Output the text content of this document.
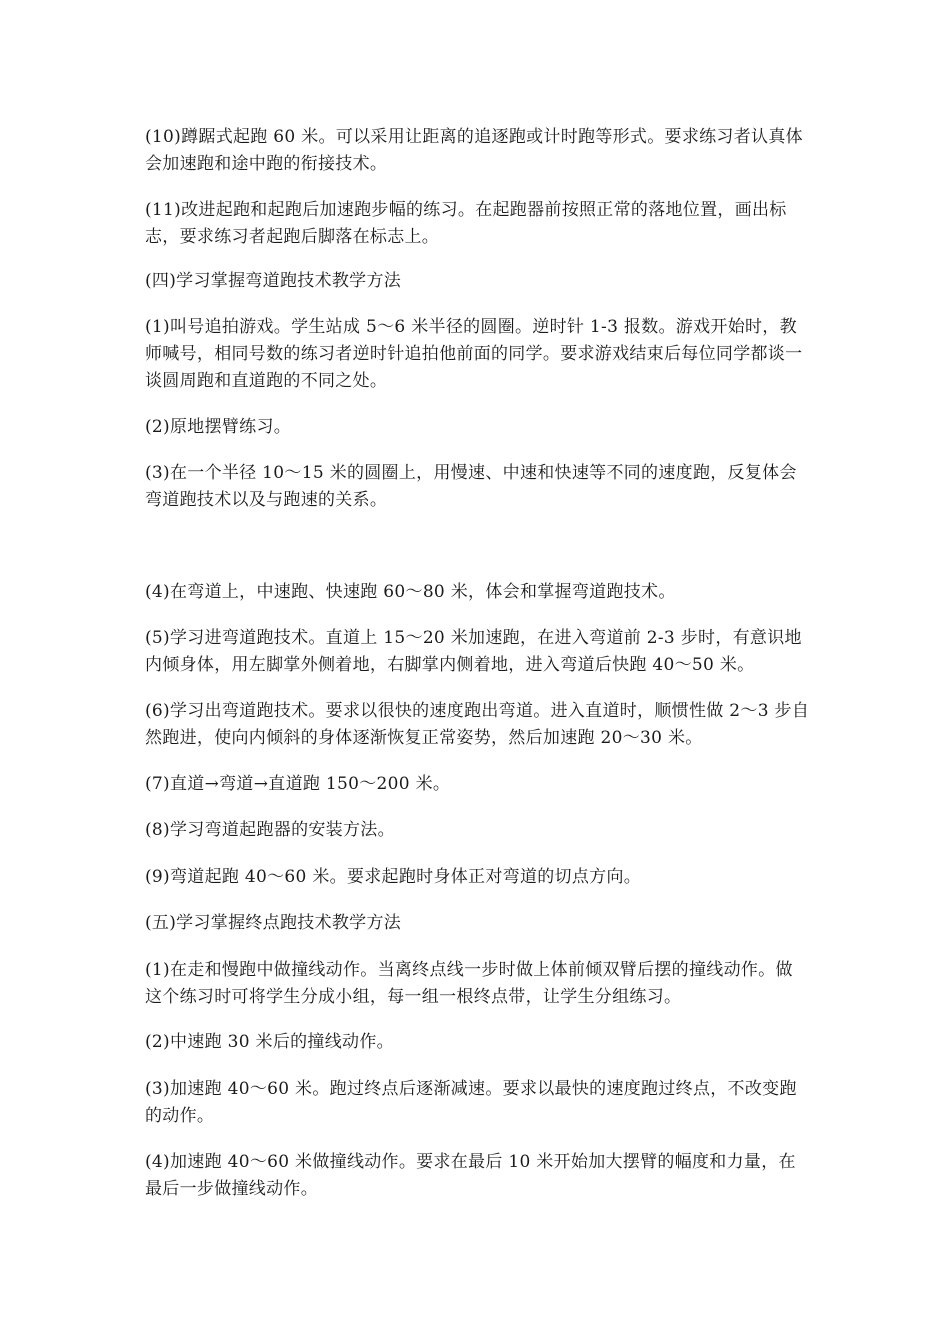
(10)蹲踞式起跑 60 米。可以采用让距离的追逐跑或计时跑等形式。要求练习者认真体会加速跑和途中跑的衔接技术。

(11)改进起跑和起跑后加速跑步幅的练习。在起跑器前按照正常的落地位置，画出标志，要求练习者起跑后脚落在标志上。

(四)学习掌握弯道跑技术教学方法

(1)叫号追拍游戏。学生站成 5～6 米半径的圆圈。逆时针 1-3 报数。游戏开始时，教师喊号，相同号数的练习者逆时针追拍他前面的同学。要求游戏结束后每位同学都谈一谈圆周跑和直道跑的不同之处。

(2)原地摆臂练习。

(3)在一个半径 10～15 米的圆圈上，用慢速、中速和快速等不同的速度跑，反复体会弯道跑技术以及与跑速的关系。

(4)在弯道上，中速跑、快速跑 60～80 米，体会和掌握弯道跑技术。

(5)学习进弯道跑技术。直道上 15～20 米加速跑，在进入弯道前 2-3 步时，有意识地内倾身体，用左脚掌外侧着地，右脚掌内侧着地，进入弯道后快跑 40～50 米。

(6)学习出弯道跑技术。要求以很快的速度跑出弯道。进入直道时，顺惯性做 2～3 步自然跑进，使向内倾斜的身体逐渐恢复正常姿势，然后加速跑 20～30 米。

(7)直道→弯道→直道跑 150～200 米。

(8)学习弯道起跑器的安装方法。

(9)弯道起跑 40～60 米。要求起跑时身体正对弯道的切点方向。

(五)学习掌握终点跑技术教学方法

(1)在走和慢跑中做撞线动作。当离终点线一步时做上体前倾双臂后摆的撞线动作。做这个练习时可将学生分成小组，每一组一根终点带，让学生分组练习。

(2)中速跑 30 米后的撞线动作。

(3)加速跑 40～60 米。跑过终点后逐渐减速。要求以最快的速度跑过终点，不改变跑的动作。

(4)加速跑 40～60 米做撞线动作。要求在最后 10 米开始加大摆臂的幅度和力量，在最后一步做撞线动作。
